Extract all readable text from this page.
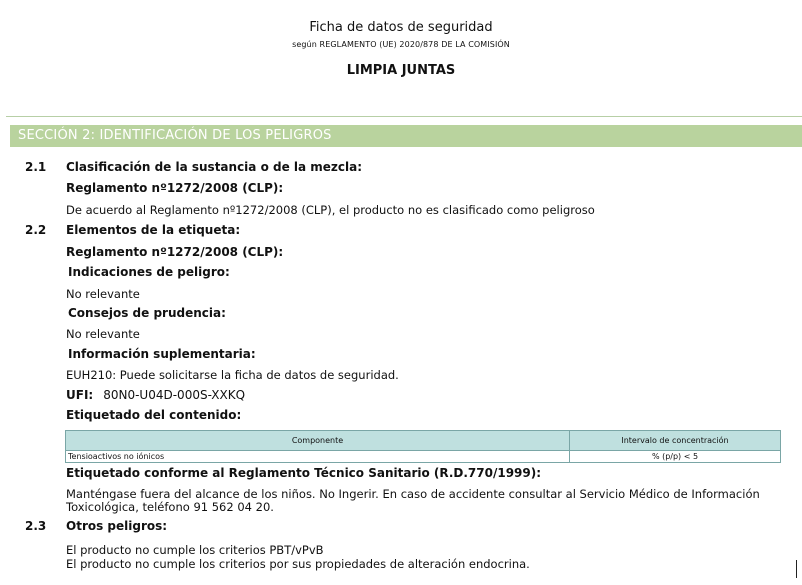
Ficha de datos de seguridad
según REGLAMENTO (UE) 2020/878 DE LA COMISIÓN
LIMPIA JUNTAS
SECCIÓN 2: IDENTIFICACIÓN DE LOS PELIGROS
2.1 Clasificación de la sustancia o de la mezcla:
Reglamento nº1272/2008 (CLP):
De acuerdo al Reglamento nº1272/2008 (CLP), el producto no es clasificado como peligroso
2.2 Elementos de la etiqueta:
Reglamento nº1272/2008 (CLP):
Indicaciones de peligro:
No relevante
Consejos de prudencia:
No relevante
Información suplementaria:
EUH210: Puede solicitarse la ficha de datos de seguridad.
UFI: 80N0-U04D-000S-XXKQ
Etiquetado del contenido:
Componente	Intervalo de concentración
Tensioactivos no iónicos	% (p/p) < 5
Etiquetado conforme al Reglamento Técnico Sanitario (R.D.770/1999):
Manténgase fuera del alcance de los niños. No Ingerir. En caso de accidente consultar al Servicio Médico de Información Toxicológica, teléfono 91 562 04 20.
2.3 Otros peligros:
El producto no cumple los criterios PBT/vPvB
El producto no cumple los criterios por sus propiedades de alteración endocrina.
